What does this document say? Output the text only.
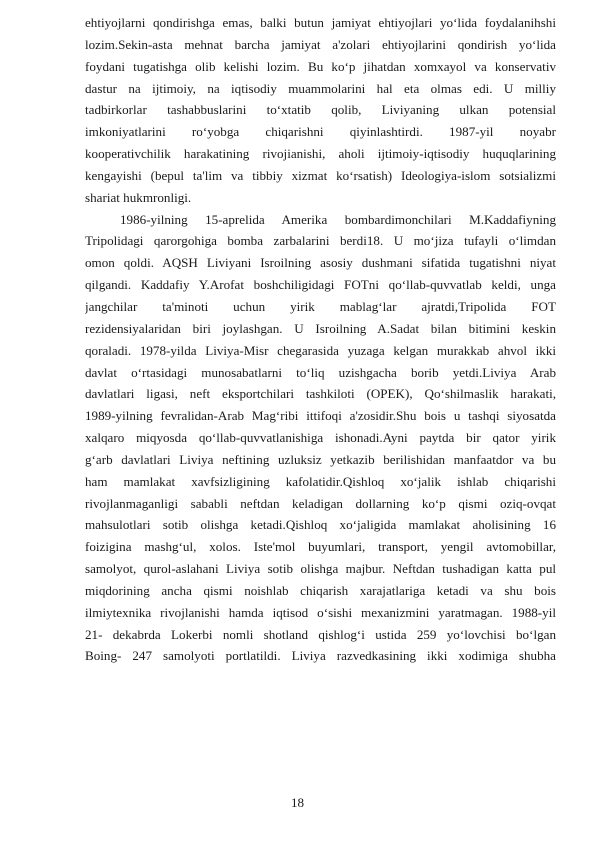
ehtiyojlarni qondirishga emas, balki butun jamiyat ehtiyojlari yo‘lida foydalanihshi
lozim.Sekin-asta mehnat barcha jamiyat a'zolari ehtiyojlarini qondirish yo‘lida
foydani tugatishga olib kelishi lozim. Bu ko‘p jihatdan xomxayol va konservativ
dastur na ijtimoiy, na iqtisodiy muammolarini hal eta olmas edi. U milliy
tadbirkorlar tashabbuslarini to‘xtatib qolib, Liviyaning ulkan potensial
imkoniyatlarini ro‘yobga chiqarishni qiyinlashtirdi. 1987-yil noyabr
kooperativchilik harakatining rivojianishi, aholi ijtimoiy-iqtisodiy huquqlarining
kengayishi (bepul ta'lim va tibbiy xizmat ko‘rsatish) Ideologiya-islom sotsializmi
shariat hukmronligi.
1986-yilning 15-aprelida Amerika bombardimonchilari M.Kaddafiyning
Tripolidagi qarorgohiga bomba zarbalarini berdi18. U mo‘jiza tufayli o‘limdan
omon qoldi. AQSH Liviyani Isroilning asosiy dushmani sifatida tugatishni niyat
qilgandi. Kaddafiy Y.Arofat boshchiligidagi FOTni qo‘llab-quvvatlab keldi, unga
jangchilar ta'minoti uchun yirik mablag‘lar ajratdi,Tripolida FOT
rezidensiyalaridan biri joylashgan. U Isroilning A.Sadat bilan bitimini keskin
qoraladi. 1978-yilda Liviya-Misr chegarasida yuzaga kelgan murakkab ahvol ikki
davlat o‘rtasidagi munosabatlarni to‘liq uzishgacha borib yetdi.Liviya Arab
davlatlari ligasi, neft eksportchilari tashkiloti (OPEK), Qo‘shilmaslik harakati,
1989-yilning fevralidan-Arab Mag‘ribi ittifoqi a'zosidir.Shu bois u tashqi siyosatda
xalqaro miqyosda qo‘llab-quvvatlanishiga ishonadi.Ayni paytda bir qator yirik
g‘arb davlatlari Liviya neftining uzluksiz yetkazib berilishidan manfaatdor va bu
ham mamlakat xavfsizligining kafolatidir.Qishloq xo‘jalik ishlab chiqarishi
rivojlanmaganligi sababli neftdan keladigan dollarning ko‘p qismi oziq-ovqat
mahsulotlari sotib olishga ketadi.Qishloq xo‘jaligida mamlakat aholisining 16
foizigina mashg‘ul, xolos. Iste'mol buyumlari, transport, yengil avtomobillar,
samolyot, qurol-aslahani Liviya sotib olishga majbur. Neftdan tushadigan katta pul
miqdorining ancha qismi noishlab chiqarish xarajatlariga ketadi va shu bois
ilmiytexnika rivojlanishi hamda iqtisod o‘sishi mexanizmini yaratmagan. 1988-yil
21- dekabrda Lokerbi nomli shotland qishlog‘i ustida 259 yo‘lovchisi bo‘lgan
Boing- 247 samolyoti portlatildi. Liviya razvedkasining ikki xodimiga shubha
18
